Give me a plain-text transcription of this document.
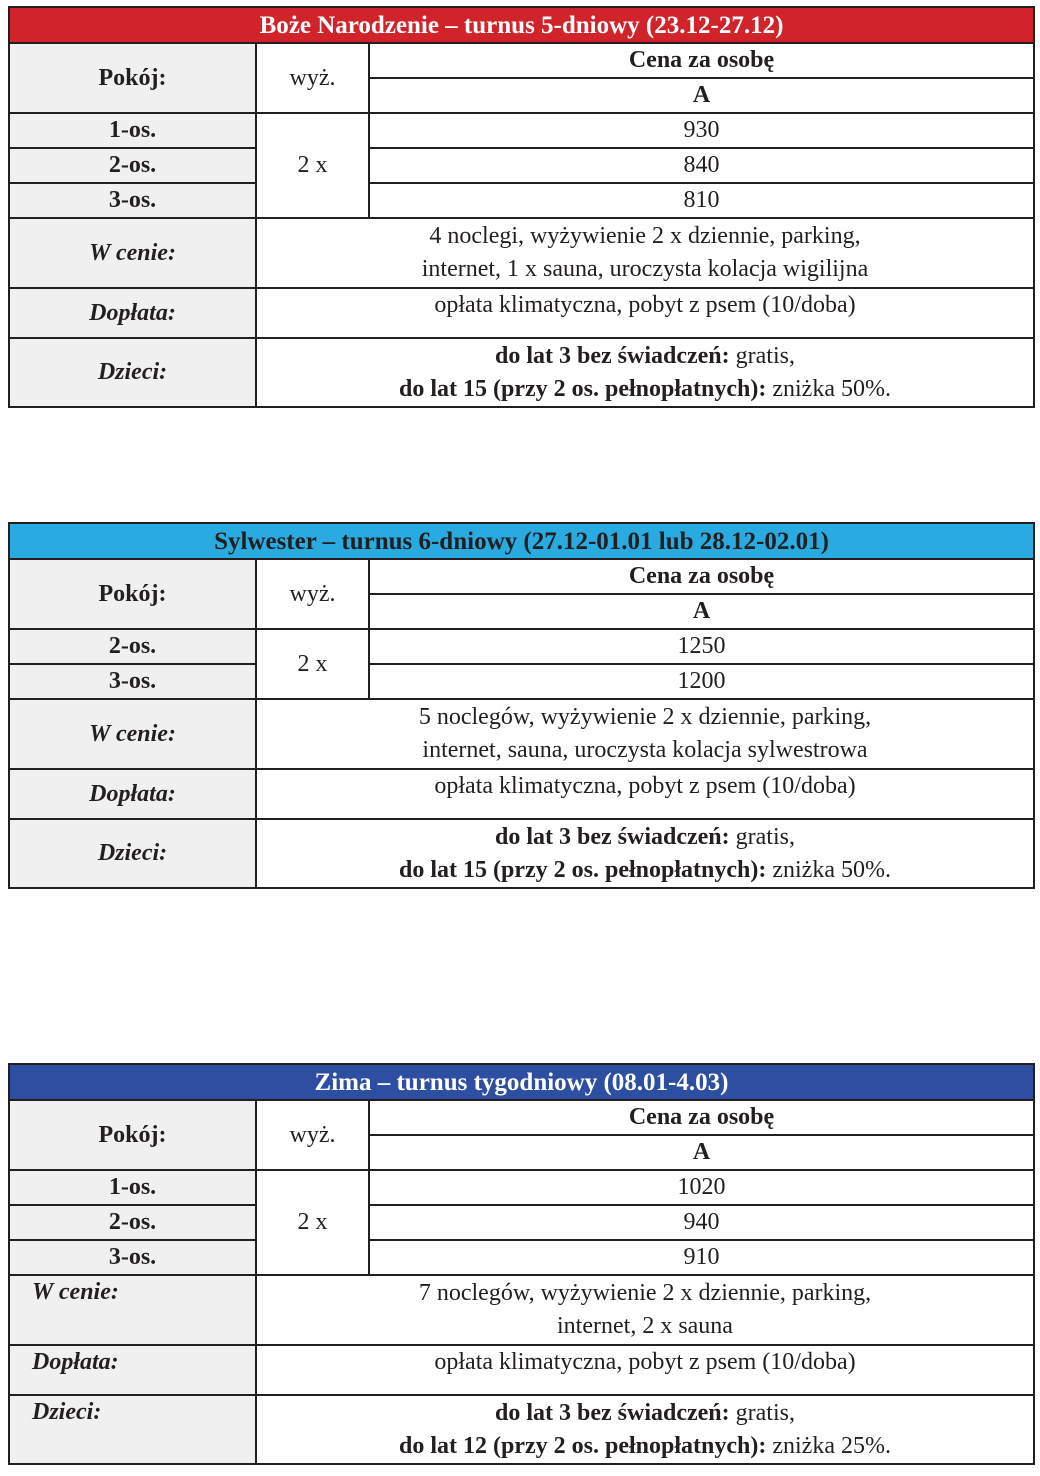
Boże Narodzenie – turnus 5-dniowy (23.12-27.12)		
Pokój:	wyż.	Cena za osobę
		A
1-os.	2 x	930
2-os.		840
3-os.		810
W cenie:	4 noclegi, wyżywienie 2 x dziennie, parking,
internet, 1 x sauna, uroczysta kolacja wigilijna	

Dopłata:	opłata klimatyczna, pobyt z psem (10/doba)	
Dzieci:	do lat 3 bez świadczeń: gratis,
do lat 15 (przy 2 os. pełnopłatnych): zniżka 50%.	
Sylwester – turnus 6-dniowy (27.12-01.01 lub 28.12-02.01)		
Pokój:	wyż.	Cena za osobę
		A
2-os.	2 x	1250
3-os.		1200
W cenie:	5 noclegów, wyżywienie 2 x dziennie, parking,
internet, sauna, uroczysta kolacja sylwestrowa	

Dopłata:	opłata klimatyczna, pobyt z psem (10/doba)	
Dzieci:	do lat 3 bez świadczeń: gratis,
do lat 15 (przy 2 os. pełnopłatnych): zniżka 50%.	
Zima – turnus tygodniowy (08.01-4.03)		
Pokój:	wyż.	Cena za osobę
		A
1-os.	2 x	1020
2-os.		940
3-os.		910
W cenie:	7 noclegów, wyżywienie 2 x dziennie, parking,
internet, 2 x sauna	

Dopłata:	opłata klimatyczna, pobyt z psem (10/doba)	
Dzieci:	do lat 3 bez świadczeń: gratis,
do lat 12 (przy 2 os. pełnopłatnych): zniżka 25%.	
